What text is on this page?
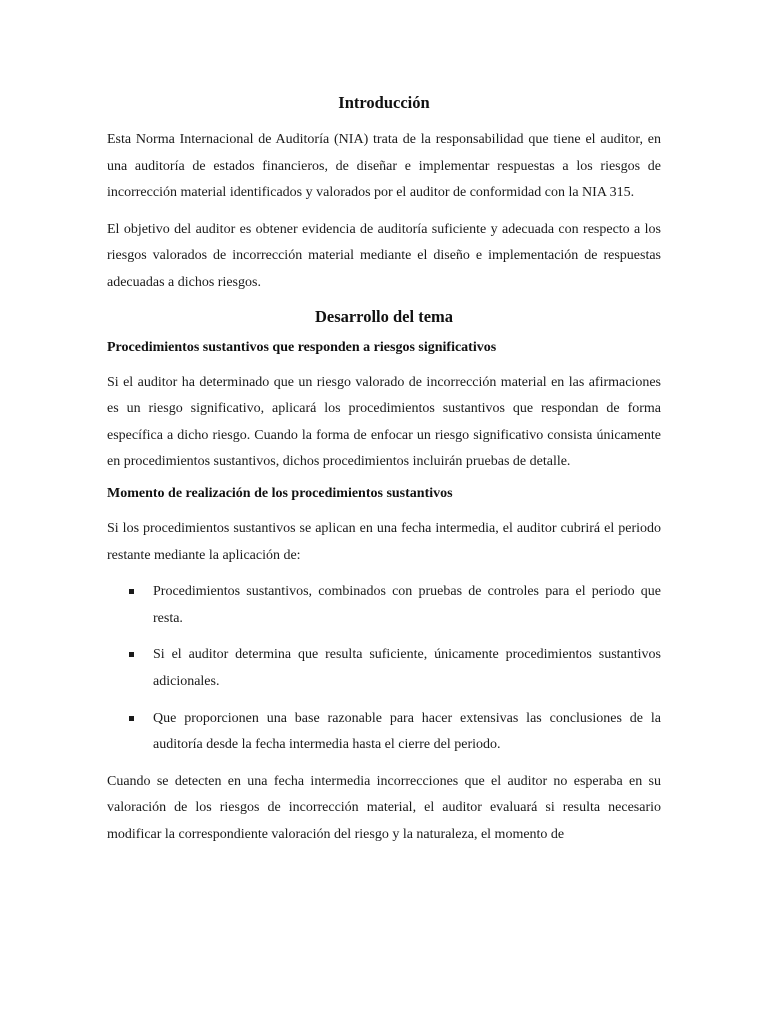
Introducción

Esta Norma Internacional de Auditoría (NIA) trata de la responsabilidad que tiene el auditor, en una auditoría de estados financieros, de diseñar e implementar respuestas a los riesgos de incorrección material identificados y valorados por el auditor de conformidad con la NIA 315.

El objetivo del auditor es obtener evidencia de auditoría suficiente y adecuada con respecto a los riesgos valorados de incorrección material mediante el diseño e implementación de respuestas adecuadas a dichos riesgos.

Desarrollo del tema
Procedimientos sustantivos que responden a riesgos significativos

Si el auditor ha determinado que un riesgo valorado de incorrección material en las afirmaciones es un riesgo significativo, aplicará los procedimientos sustantivos que respondan de forma específica a dicho riesgo. Cuando la forma de enfocar un riesgo significativo consista únicamente en procedimientos sustantivos, dichos procedimientos incluirán pruebas de detalle.

Momento de realización de los procedimientos sustantivos

Si los procedimientos sustantivos se aplican en una fecha intermedia, el auditor cubrirá el periodo restante mediante la aplicación de:

Procedimientos sustantivos, combinados con pruebas de controles para el periodo que resta.
Si el auditor determina que resulta suficiente, únicamente procedimientos sustantivos adicionales.
Que proporcionen una base razonable para hacer extensivas las conclusiones de la auditoría desde la fecha intermedia hasta el cierre del periodo.

Cuando se detecten en una fecha intermedia incorrecciones que el auditor no esperaba en su valoración de los riesgos de incorrección material, el auditor evaluará si resulta necesario modificar la correspondiente valoración del riesgo y la naturaleza, el momento de
